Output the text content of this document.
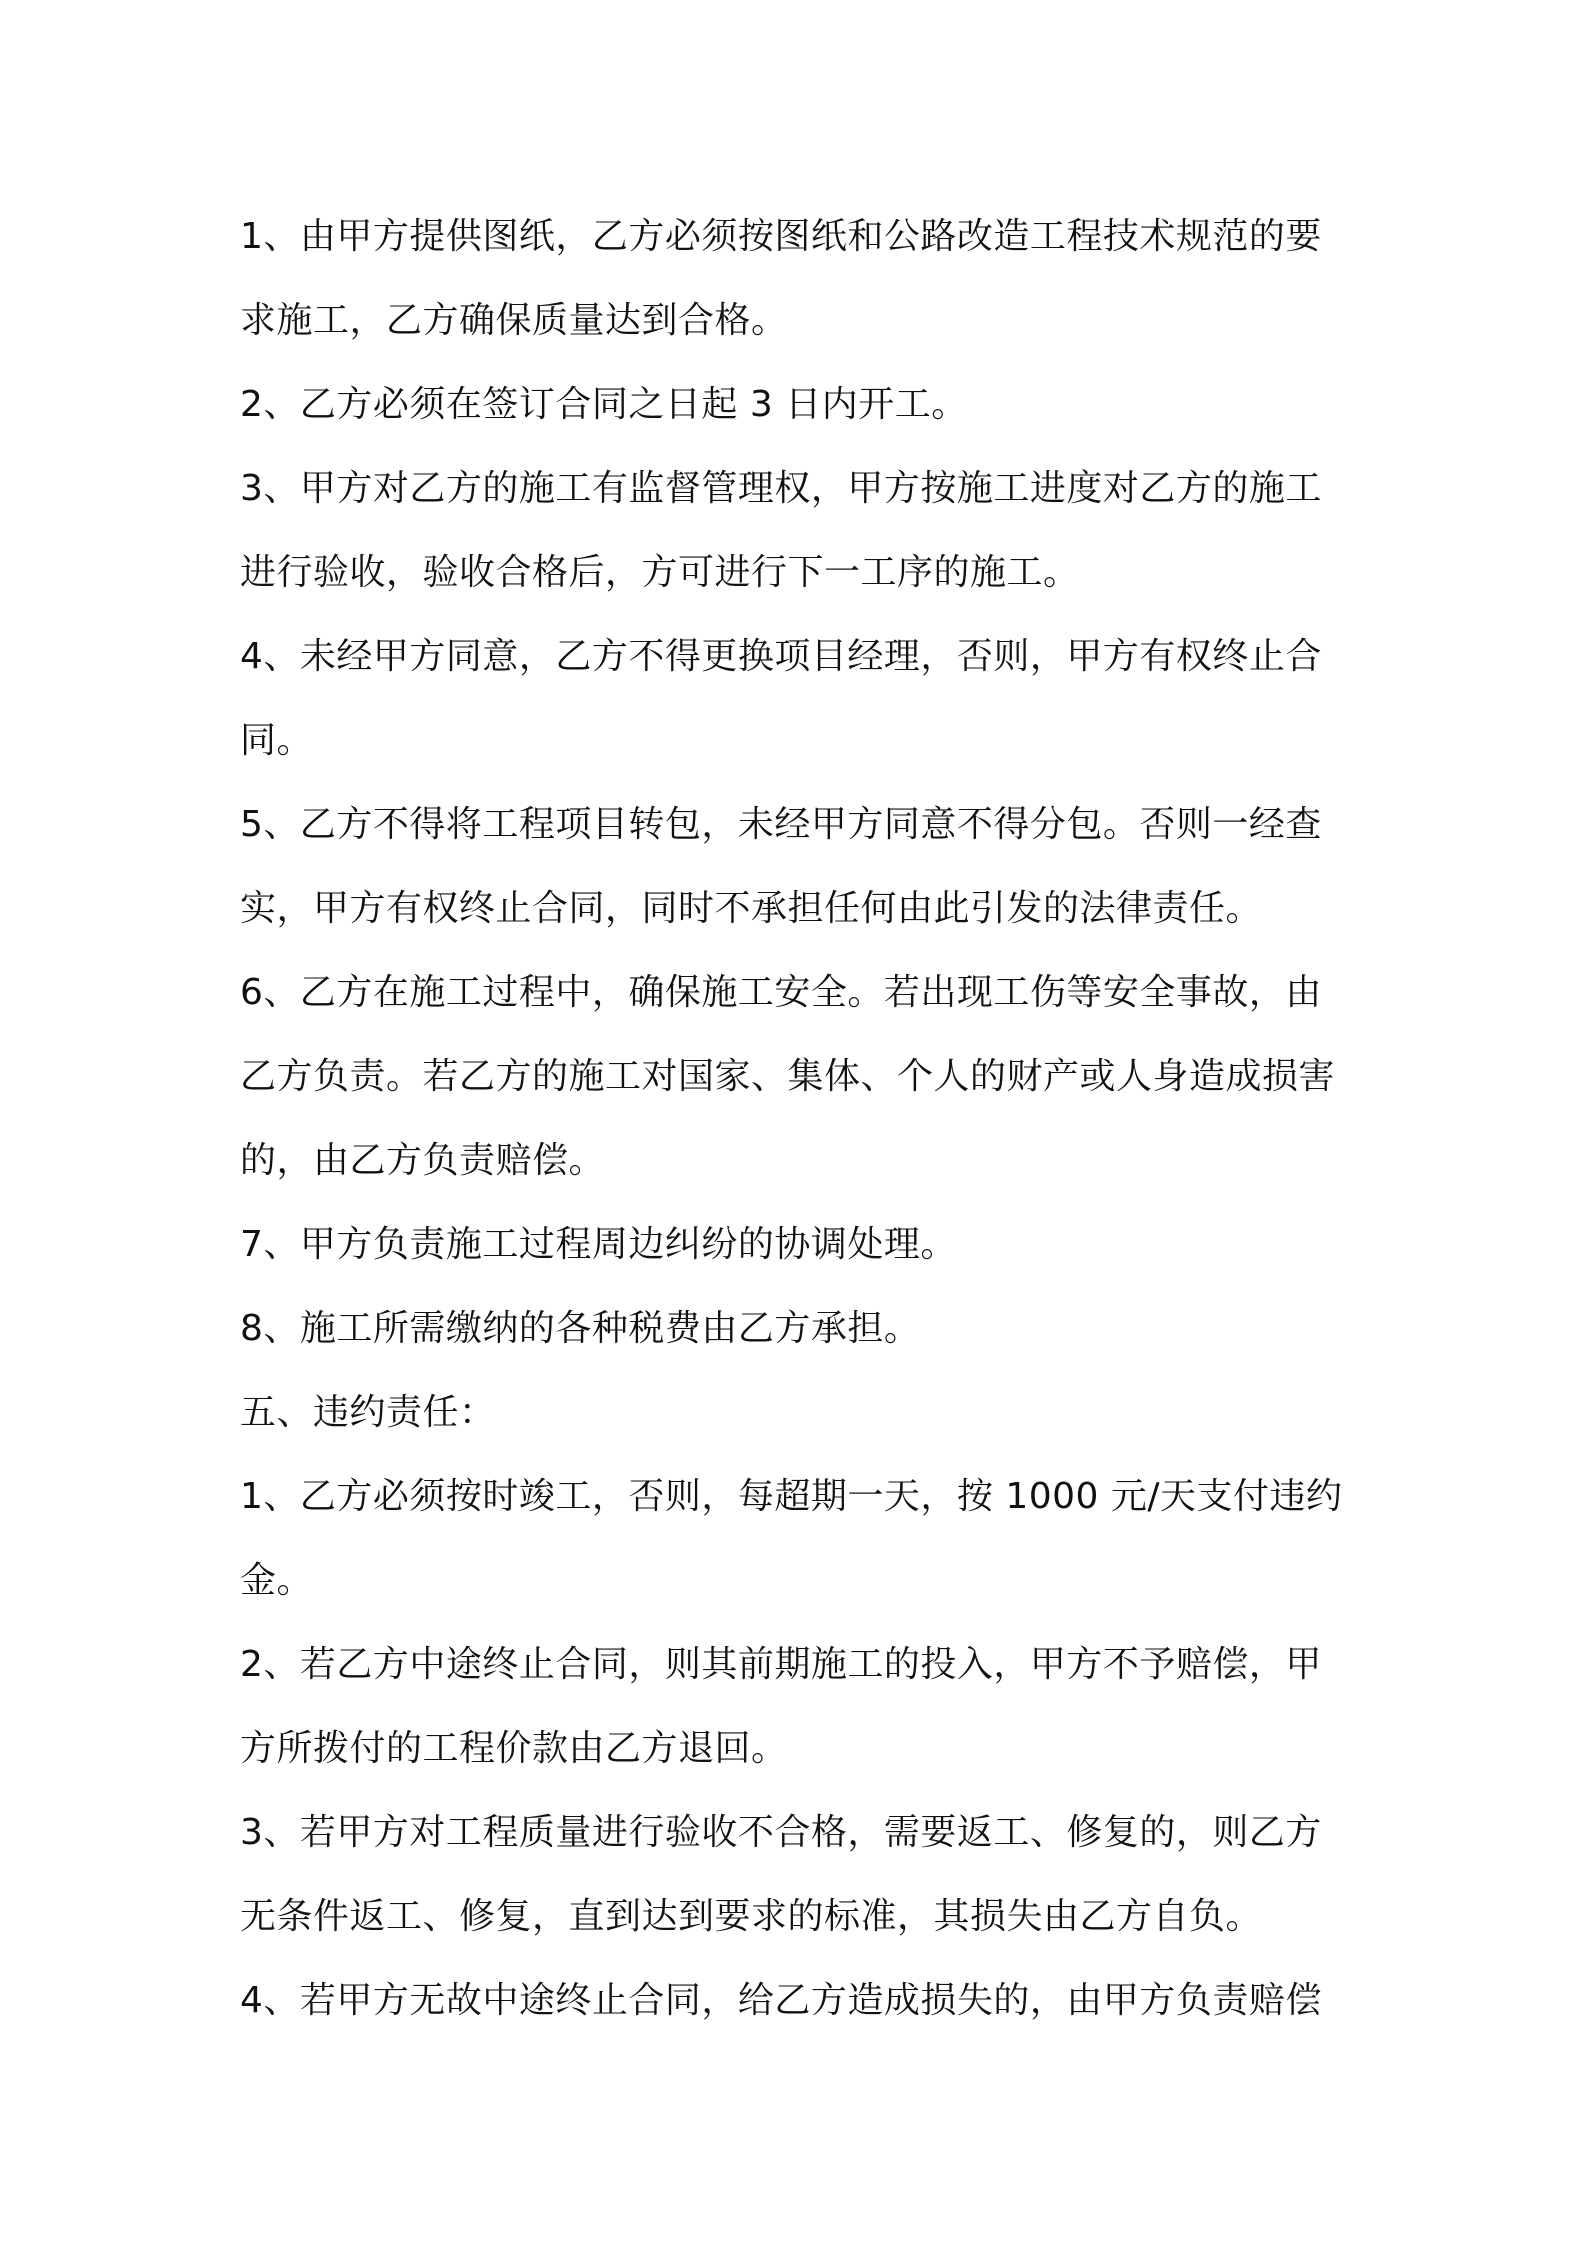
1、由甲方提供图纸，乙方必须按图纸和公路改造工程技术规范的要
求施工，乙方确保质量达到合格。
2、乙方必须在签订合同之日起 3 日内开工。
3、甲方对乙方的施工有监督管理权，甲方按施工进度对乙方的施工
进行验收，验收合格后，方可进行下一工序的施工。
4、未经甲方同意，乙方不得更换项目经理，否则，甲方有权终止合
同。
5、乙方不得将工程项目转包，未经甲方同意不得分包。否则一经查
实，甲方有权终止合同，同时不承担任何由此引发的法律责任。
6、乙方在施工过程中，确保施工安全。若出现工伤等安全事故，由
乙方负责。若乙方的施工对国家、集体、个人的财产或人身造成损害
的，由乙方负责赔偿。
7、甲方负责施工过程周边纠纷的协调处理。
8、施工所需缴纳的各种税费由乙方承担。
五、违约责任：
1、乙方必须按时竣工，否则，每超期一天，按 1000 元/天支付违约
金。
2、若乙方中途终止合同，则其前期施工的投入，甲方不予赔偿，甲
方所拨付的工程价款由乙方退回。
3、若甲方对工程质量进行验收不合格，需要返工、修复的，则乙方
无条件返工、修复，直到达到要求的标准，其损失由乙方自负。
4、若甲方无故中途终止合同，给乙方造成损失的，由甲方负责赔偿
